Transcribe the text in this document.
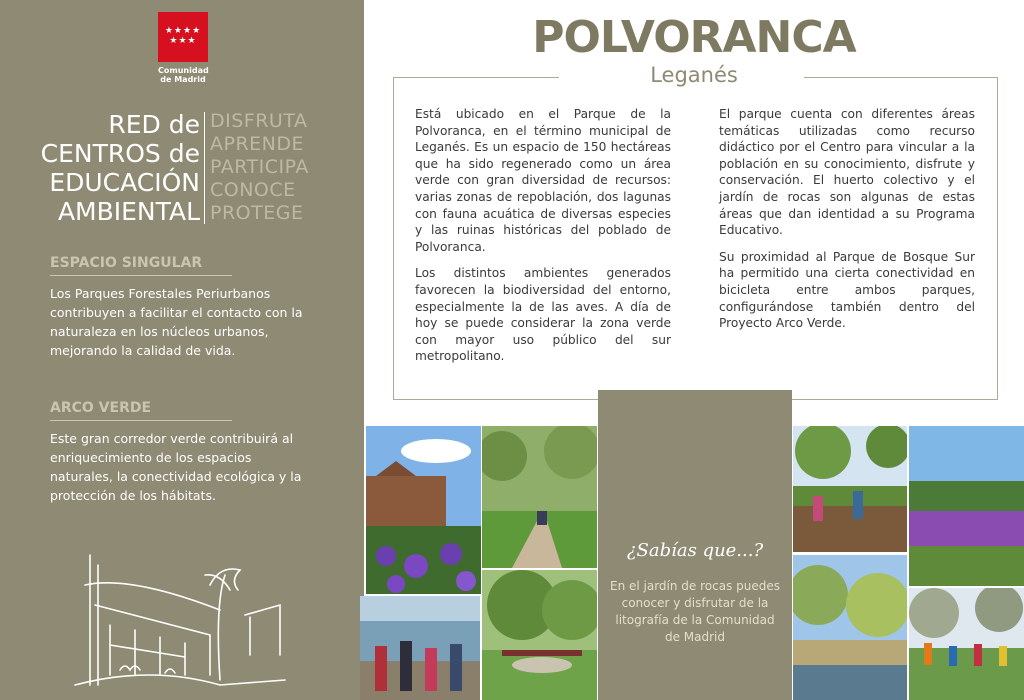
★★★★
★★★
Comunidad
de Madrid
RED de
CENTROS de
EDUCACIÓN
AMBIENTAL
DISFRUTA
APRENDE
PARTICIPA
CONOCE
PROTEGE
ESPACIO SINGULAR
Los Parques Forestales Periurbanos contribuyen a facilitar el contacto con la naturaleza en los núcleos urbanos, mejorando la calidad de vida.
ARCO VERDE
Este gran corredor verde contribuirá al enriquecimiento de los espacios naturales, la conectividad ecológica y la protección de los hábitats.
POLVORANCA
Leganés

Está ubicado en el Parque de la Polvoranca, en el término municipal de Leganés. Es un espacio de 150 hectáreas que ha sido regenerado como un área verde con gran diversidad de recursos: varias zonas de repoblación, dos lagunas con fauna acuática de diversas especies y las ruinas históricas del poblado de Polvoranca.

Los distintos ambientes generados favorecen la biodiversidad del entorno, especialmente la de las aves. A día de hoy se puede considerar la zona verde con mayor uso público del sur metropolitano.

El parque cuenta con diferentes áreas temáticas utilizadas como recurso didáctico por el Centro para vincular a la población en su conocimiento, disfrute y conservación. El huerto colectivo y el jardín de rocas son algunas de estas áreas que dan identidad a su Programa Educativo.

Su proximidad al Parque de Bosque Sur ha permitido una cierta conectividad en bicicleta entre ambos parques, configurándose también dentro del Proyecto Arco Verde.

¿Sabías que...?
En el jardín de rocas puedes conocer y disfrutar de la litografía de la Comunidad de Madrid
